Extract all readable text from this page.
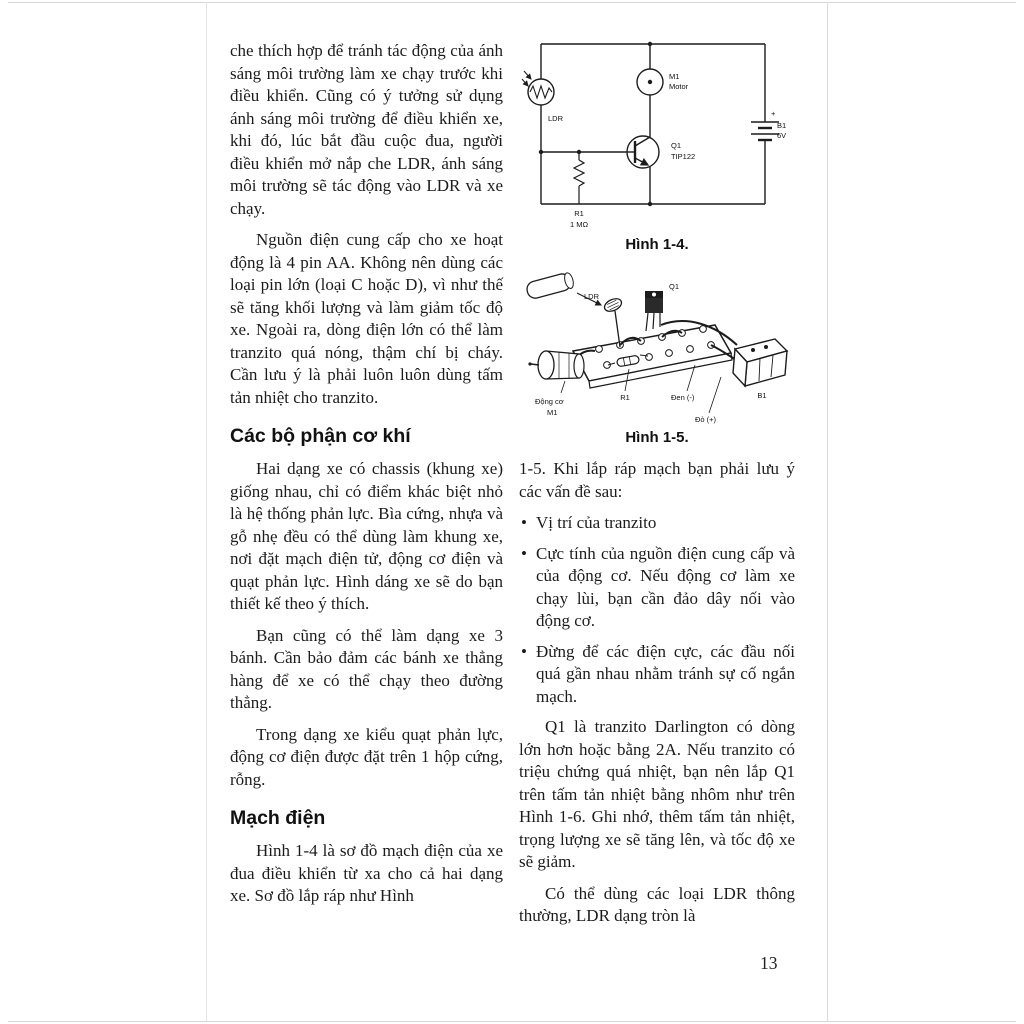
che thích hợp để tránh tác động của ánh sáng môi trường làm xe chạy trước khi điều khiển. Cũng có ý tưởng sử dụng ánh sáng môi trường để điều khiển xe, khi đó, lúc bắt đầu cuộc đua, người điều khiển mở nắp che LDR, ánh sáng môi trường sẽ tác động vào LDR và xe chạy.

Nguồn điện cung cấp cho xe hoạt động là 4 pin AA. Không nên dùng các loại pin lớn (loại C hoặc D), vì như thế sẽ tăng khối lượng và làm giảm tốc độ xe. Ngoài ra, dòng điện lớn có thể làm tranzito quá nóng, thậm chí bị cháy. Cần lưu ý là phải luôn luôn dùng tấm tản nhiệt cho tranzito.

Các bộ phận cơ khí

Hai dạng xe có chassis (khung xe) giống nhau, chỉ có điểm khác biệt nhỏ là hệ thống phản lực. Bìa cứng, nhựa và gỗ nhẹ đều có thể dùng làm khung xe, nơi đặt mạch điện tử, động cơ điện và quạt phản lực. Hình dáng xe sẽ do bạn thiết kế theo ý thích.

Bạn cũng có thể làm dạng xe 3 bánh. Cần bảo đảm các bánh xe thẳng hàng để xe có thể chạy theo đường thẳng.

Trong dạng xe kiểu quạt phản lực, động cơ điện được đặt trên 1 hộp cứng, rỗng.

Mạch điện

Hình 1-4 là sơ đồ mạch điện của xe đua điều khiển từ xa cho cả hai dạng xe. Sơ đồ lắp ráp như Hình

LDR
M1
Motor
Q1
TIP122
R1
1 MΩ
+
B1
6V
Hình 1-4.
LDR
Q1
Động cơ
M1
R1	Đen (-)
Đỏ (+)
B1
Hình 1-5.

1-5. Khi lắp ráp mạch bạn phải lưu ý các vấn đề sau:

• Vị trí của tranzito
• Cực tính của nguồn điện cung cấp và của động cơ. Nếu động cơ làm xe chạy lùi, bạn cần đảo dây nối vào động cơ.
• Đừng để các điện cực, các đầu nối quá gần nhau nhằm tránh sự cố ngắn mạch.

Q1 là tranzito Darlington có dòng lớn hơn hoặc bằng 2A. Nếu tranzito có triệu chứng quá nhiệt, bạn nên lắp Q1 trên tấm tản nhiệt bằng nhôm như trên Hình 1-6. Ghi nhớ, thêm tấm tản nhiệt, trọng lượng xe sẽ tăng lên, và tốc độ xe sẽ giảm.

Có thể dùng các loại LDR thông thường, LDR dạng tròn là

13
